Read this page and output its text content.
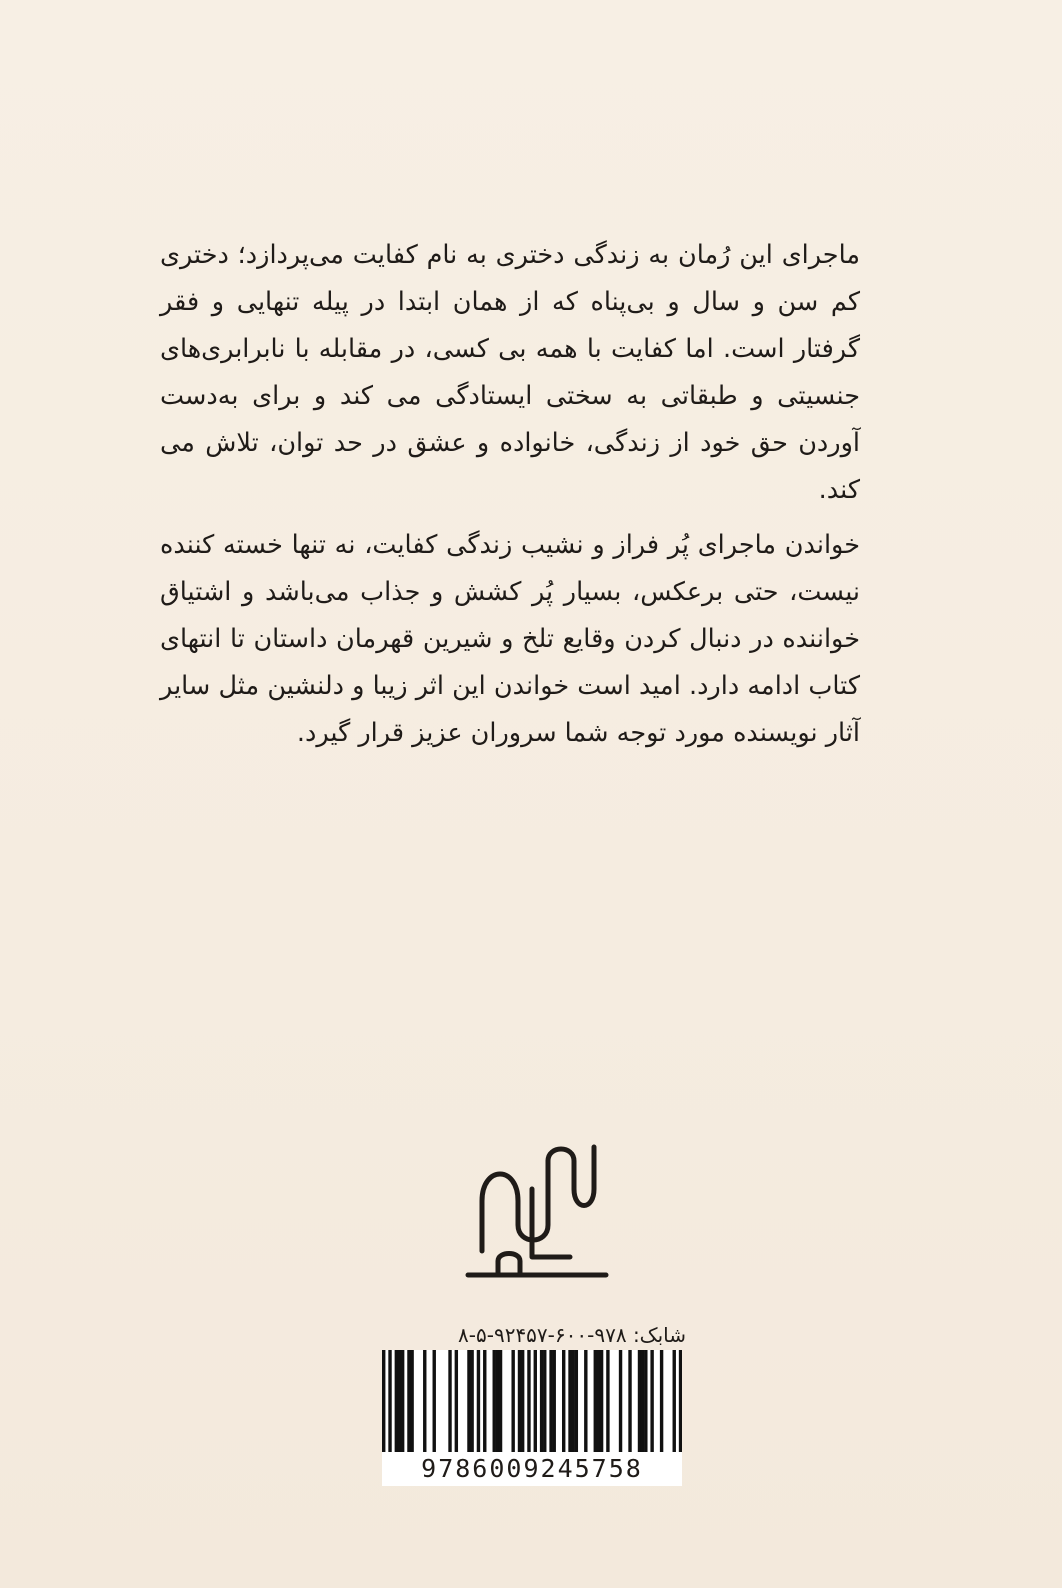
ماجرای این رُمان به زندگی دختری به نام کفایت می‌پردازد؛ دختری کم سن و سال و بی‌پناه که از همان ابتدا در پیله تنهایی و فقر گرفتار است. اما کفایت با همه بی کسی، در مقابله با نابرابری‌های جنسیتی و طبقاتی به سختی ایستادگی می کند و برای به‌دست آوردن حق خود از زندگی، خانواده و عشق در حد توان، تلاش می کند.

خواندن ماجرای پُر فراز و نشیب زندگی کفایت، نه تنها خسته کننده نیست، حتی برعکس، بسیار پُر کشش و جذاب می‌باشد و اشتیاق خواننده در دنبال کردن وقایع تلخ و شیرین قهرمان داستان تا انتهای کتاب ادامه دارد. امید است خواندن این اثر زیبا و دلنشین مثل سایر آثار نویسنده مورد توجه شما سروران عزیز قرار گیرد.

شابک: ۹۷۸-۶۰۰-۹۲۴۵۷-۵-۸
9786009245758
